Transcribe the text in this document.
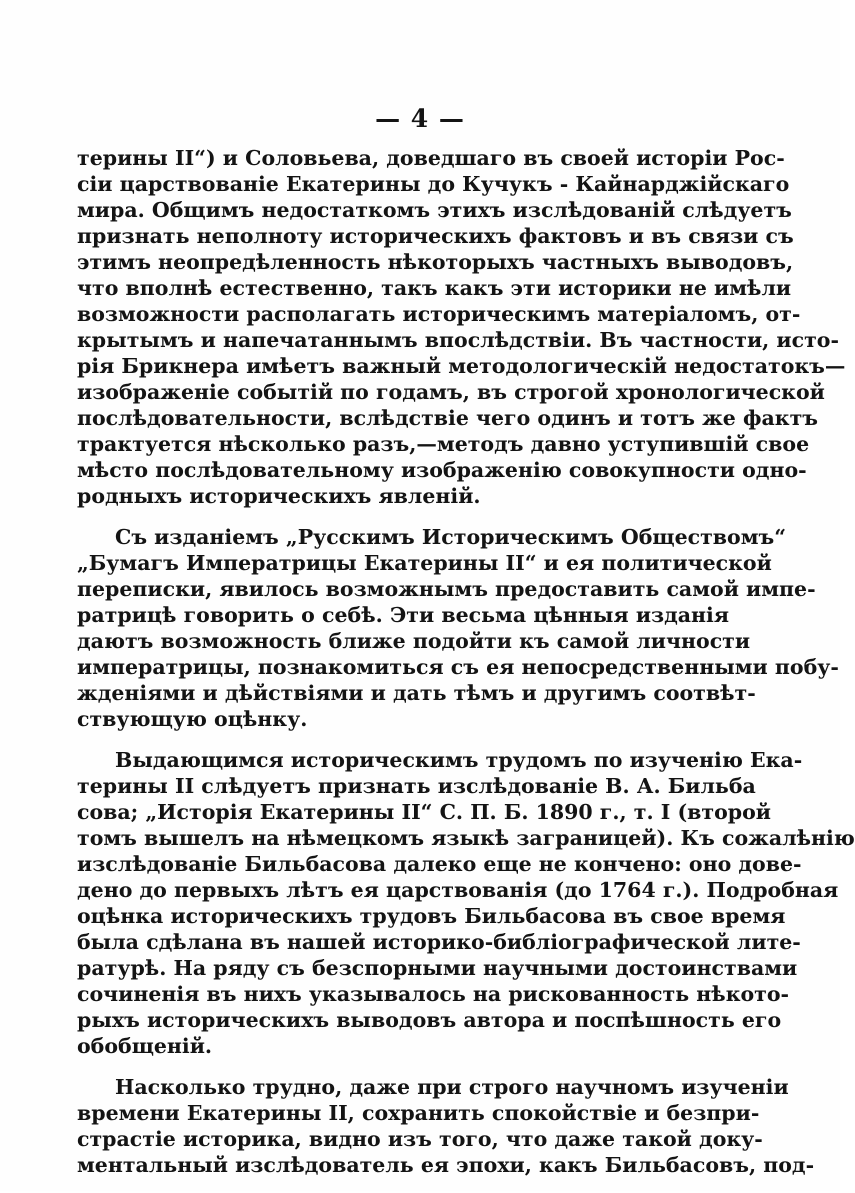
— 4 —
терины II“) и Соловьева, доведшаго въ своей исторіи Рос-
сіи царствованіе Екатерины до Кучукъ - Кайнарджійскаго
мира. Общимъ недостаткомъ этихъ изслѣдованій слѣдуетъ
признать неполноту историческихъ фактовъ и въ связи съ
этимъ неопредѣленность нѣкоторыхъ частныхъ выводовъ,
что вполнѣ естественно, такъ какъ эти историки не имѣли
возможности располагать историческимъ матеріаломъ, от-
крытымъ и напечатаннымъ впослѣдствіи. Въ частности, исто-
рія Брикнера имѣетъ важный методологическій недостатокъ—
изображеніе событій по годамъ, въ строгой хронологической
послѣдовательности, вслѣдствіе чего одинъ и тотъ же фактъ
трактуется нѣсколько разъ,—методъ давно уступившій свое
мѣсто послѣдовательному изображенію совокупности одно-
родныхъ историческихъ явленій.
Съ изданіемъ „Русскимъ Историческимъ Обществомъ“
„Бумагъ Императрицы Екатерины II“ и ея политической
переписки, явилось возможнымъ предоставить самой импе-
ратрицѣ говорить о себѣ. Эти весьма цѣнныя изданія
даютъ возможность ближе подойти къ самой личности
императрицы, познакомиться съ ея непосредственными побу-
жденіями и дѣйствіями и дать тѣмъ и другимъ соотвѣт-
ствующую оцѣнку.
Выдающимся историческимъ трудомъ по изученію Ека-
терины II слѣдуетъ признать изслѣдованіе В. А. Бильба
сова; „Исторія Екатерины II“ С. П. Б. 1890 г., т. I (второй
томъ вышелъ на нѣмецкомъ языкѣ заграницей). Къ сожалѣнію
изслѣдованіе Бильбасова далеко еще не кончено: оно дове-
дено до первыхъ лѣтъ ея царствованія (до 1764 г.). Подробная
оцѣнка историческихъ трудовъ Бильбасова въ свое время
была сдѣлана въ нашей историко-библіографической лите-
ратурѣ. На ряду съ безспорными научными достоинствами
сочиненія въ нихъ указывалось на рискованность нѣкото-
рыхъ историческихъ выводовъ автора и поспѣшность его
обобщеній.
Насколько трудно, даже при строго научномъ изученіи
времени Екатерины II, сохранить спокойствіе и безпри-
страстіе историка, видно изъ того, что даже такой доку-
ментальный изслѣдователь ея эпохи, какъ Бильбасовъ, под-
